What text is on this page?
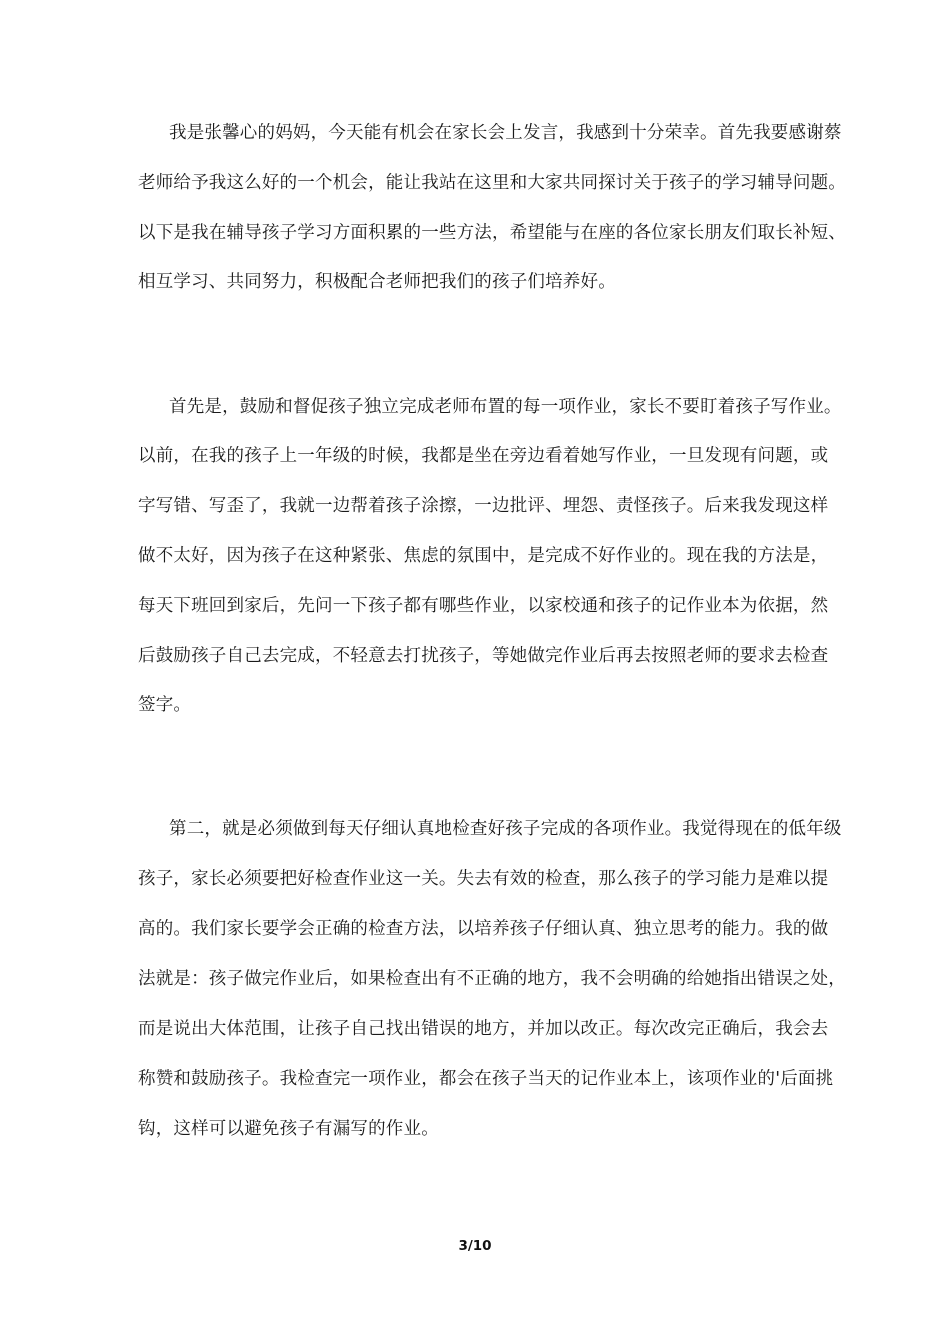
我是张馨心的妈妈，今天能有机会在家长会上发言，我感到十分荣幸。首先我要感谢蔡
老师给予我这么好的一个机会，能让我站在这里和大家共同探讨关于孩子的学习辅导问题。
以下是我在辅导孩子学习方面积累的一些方法，希望能与在座的各位家长朋友们取长补短、
相互学习、共同努力，积极配合老师把我们的孩子们培养好。
首先是，鼓励和督促孩子独立完成老师布置的每一项作业，家长不要盯着孩子写作业。
以前，在我的孩子上一年级的时候，我都是坐在旁边看着她写作业，一旦发现有问题，或
字写错、写歪了，我就一边帮着孩子涂擦，一边批评、埋怨、责怪孩子。后来我发现这样
做不太好，因为孩子在这种紧张、焦虑的氛围中，是完成不好作业的。现在我的方法是，
每天下班回到家后，先问一下孩子都有哪些作业，以家校通和孩子的记作业本为依据，然
后鼓励孩子自己去完成，不轻意去打扰孩子，等她做完作业后再去按照老师的要求去检查
签字。
第二，就是必须做到每天仔细认真地检查好孩子完成的各项作业。我觉得现在的低年级
孩子，家长必须要把好检查作业这一关。失去有效的检查，那么孩子的学习能力是难以提
高的。我们家长要学会正确的检查方法，以培养孩子仔细认真、独立思考的能力。我的做
法就是：孩子做完作业后，如果检查出有不正确的地方，我不会明确的给她指出错误之处，
而是说出大体范围，让孩子自己找出错误的地方，并加以改正。每次改完正确后，我会去
称赞和鼓励孩子。我检查完一项作业，都会在孩子当天的记作业本上，该项作业的'后面挑
钩，这样可以避免孩子有漏写的作业。
3/10
